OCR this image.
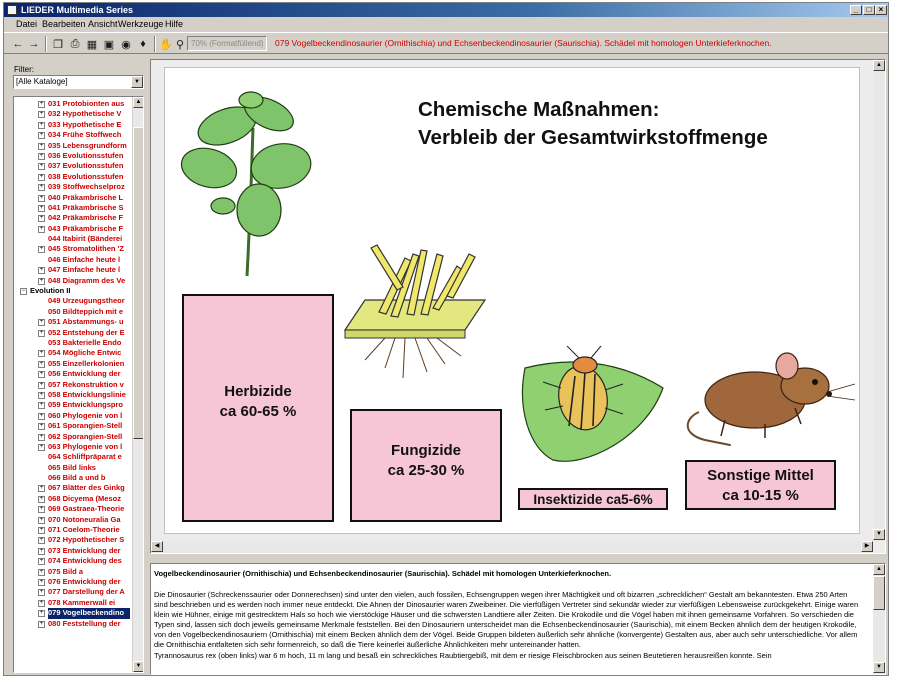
LIEDER Multimedia Series	_	□ ×
Datei Bearbeiten Ansicht Werkzeuge Hilfe
← → ❐ ⎙ ▦ ▣ ◉ ♦	✋ ⚲ 70% (Formatfüllend)	079 Vogelbeckendinosaurier (Ornithischia) und Echsenbeckendinosaurier (Saurischia). Schädel mit homologen Unterkieferknochen.
Filter:
[Alle Kataloge]	▼
+ 031 Protobionten aus
+ 032 Hypothetische V
+ 033 Hypothetische E
+ 034 Frühe Stoffwech
+ 035 Lebensgrundform
+ 036 Evolutionsstufen
+ 037 Evolutionsstufen
+ 038 Evolutionsstufen
+ 039 Stoffwechselproz
+ 040 Präkambrische L
+ 041 Präkambrische S
+ 042 Präkambrische F
+ 043 Präkambrische F
044 Itabirit (Bänderei
+ 045 Stromatolithen 'Z
046 Einfache heute l
+ 047 Einfache heute l
+ 048 Diagramm des Ve
− Evolution II
049 Urzeugungstheor
050 Bildteppich mit e
+ 051 Abstammungs- u
+ 052 Entstehung der E
053 Bakterielle Endo
+ 054 Mögliche Entwic
+ 055 Einzellerkolonien
+ 056 Entwicklung der
+ 057 Rekonstruktion v
+ 058 Entwicklungslinie
+ 059 Entwicklungspro
+ 060 Phylogenie von l
+ 061 Sporangien-Stell
+ 062 Sporangien-Stell
+ 063 Phylogenie von l
064 Schliffpräparat e
065 Bild links
066 Bild a und b
+ 067 Blätter des Ginkg
+ 068 Dicyema (Mesoz
+ 069 Gastraea-Theorie
+ 070 Notoneuralia Ga
+ 071 Coelom-Theorie
+ 072 Hypothetischer S
+ 073 Entwicklung der
+ 074 Entwicklung des
+ 075 Bild a
+ 076 Entwicklung der
+ 077 Darstellung der A
+ 078 Kammerwall ei
+ 079 Vogelbeckendino
+ 080 Feststellung der
▲
▼
Chemische Maßnahmen:
Verbleib der Gesamtwirkstoffmenge
Herbizide
ca 60-65 %
Fungizide
ca 25-30 %
Insektizide ca5-6%
Sonstige Mittel
ca 10-15 %
▲
▼
◀	▶
Vogelbeckendinosaurier (Ornithischia) und Echsenbeckendinosaurier (Saurischia). Schädel mit homologen Unterkieferknochen.

Die Dinosaurier (Schreckenssaurier oder Donnerechsen) sind unter den vielen, auch fossilen, Echsengruppen wegen ihrer Mächtigkeit und oft bizarren „schrecklichen“ Gestalt am bekanntesten. Etwa 250 Arten sind beschrieben und es werden noch immer neue entdeckt. Die Ahnen der Dinosaurier waren Zweibeiner. Die vierfüßigen Vertreter sind sekundär wieder zur vierfüßigen Lebensweise zurückgekehrt. Einige waren klein wie Hühner, einige mit gestrecktem Hals so hoch wie vierstöckige Häuser und die schwersten Landtiere aller Zeiten. Die Krokodile und die Vögel haben mit ihnen gemeinsame Vorfahren. So verschieden die Typen sind, lassen sich doch jeweils gemeinsame Merkmale feststellen. Bei den Dinosauriern unterscheidet man die Echsenbeckendinosaurier (Saurischia), mit einem Becken ähnlich dem der heutigen Krokodile, von den Vogelbeckendinosauriern (Ornithischia) mit einem Becken ähnlich dem der Vögel. Beide Gruppen bildeten äußerlich sehr ähnliche (konvergente) Gestalten aus, aber auch sehr unterschiedliche. Vor allem die Ornithischia entfalteten sich sehr formenreich, so daß die Tiere keinerlei äußerliche Ähnlichkeiten mehr untereinander hatten.

Tyrannosaurus rex (oben links) war 6 m hoch, 11 m lang und besaß ein schreckliches Raubtiergebiß, mit dem er riesige Fleischbrocken aus seinen Beutetieren herausreißen konnte. Sein

▲
▼
